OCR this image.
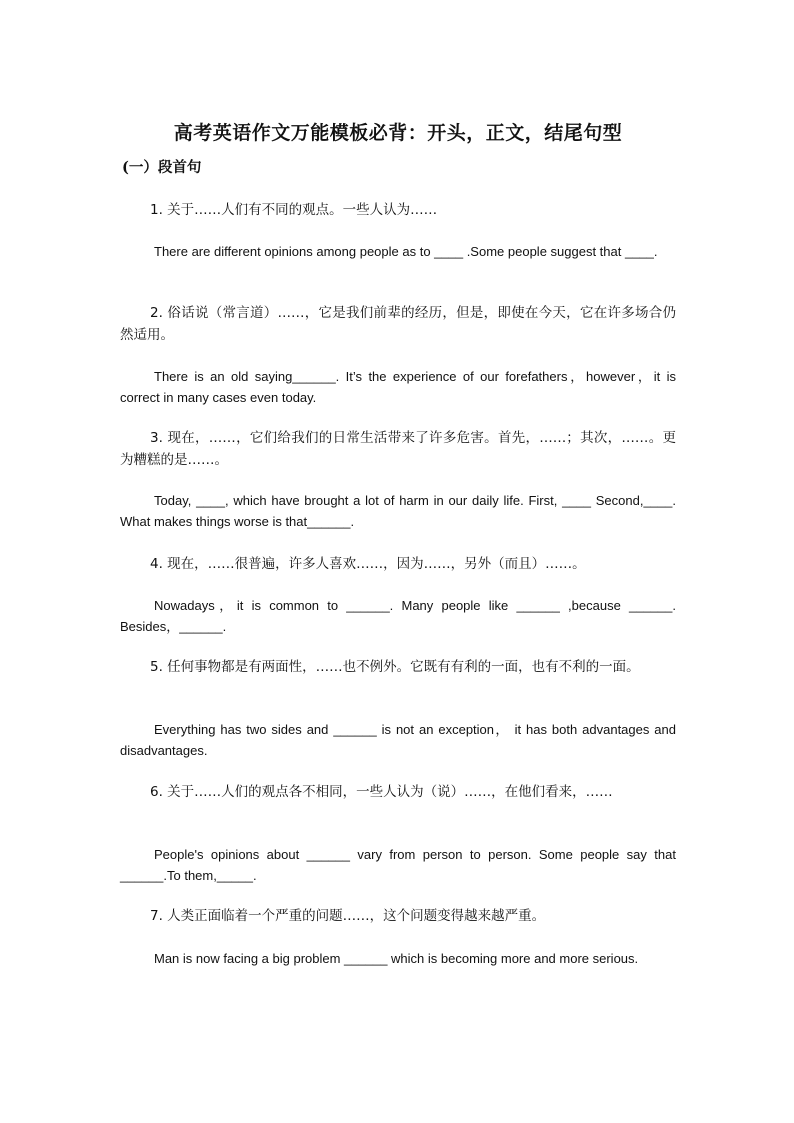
高考英语作文万能模板必背：开头，正文，结尾句型
(一）段首句

1. 关于……人们有不同的观点。一些人认为……

There are different opinions among people as to ____ .Some people suggest that ____.

2. 俗话说（常言道）……，它是我们前辈的经历，但是，即使在今天，它在许多场合仍然适用。

There is an old saying______. It’s the experience of our forefathers，however，it is correct in many cases even today.

3. 现在，……，它们给我们的日常生活带来了许多危害。首先，……；其次，……。更为糟糕的是……。

Today, ____, which have brought a lot of harm in our daily life. First, ____ Second,____. What makes things worse is that______.

4. 现在，……很普遍，许多人喜欢……，因为……，另外（而且）……。

Nowadays，it is common to ______. Many people like ______ ,because ______. Besides，______.

5. 任何事物都是有两面性，……也不例外。它既有有利的一面，也有不利的一面。

Everything has two sides and ______ is not an exception， it has both advantages and disadvantages.

6. 关于……人们的观点各不相同，一些人认为（说）……，在他们看来，……

People's opinions about ______ vary from person to person. Some people say that ______.To them,_____.

7. 人类正面临着一个严重的问题……，这个问题变得越来越严重。

Man is now facing a big problem ______ which is becoming more and more serious.
